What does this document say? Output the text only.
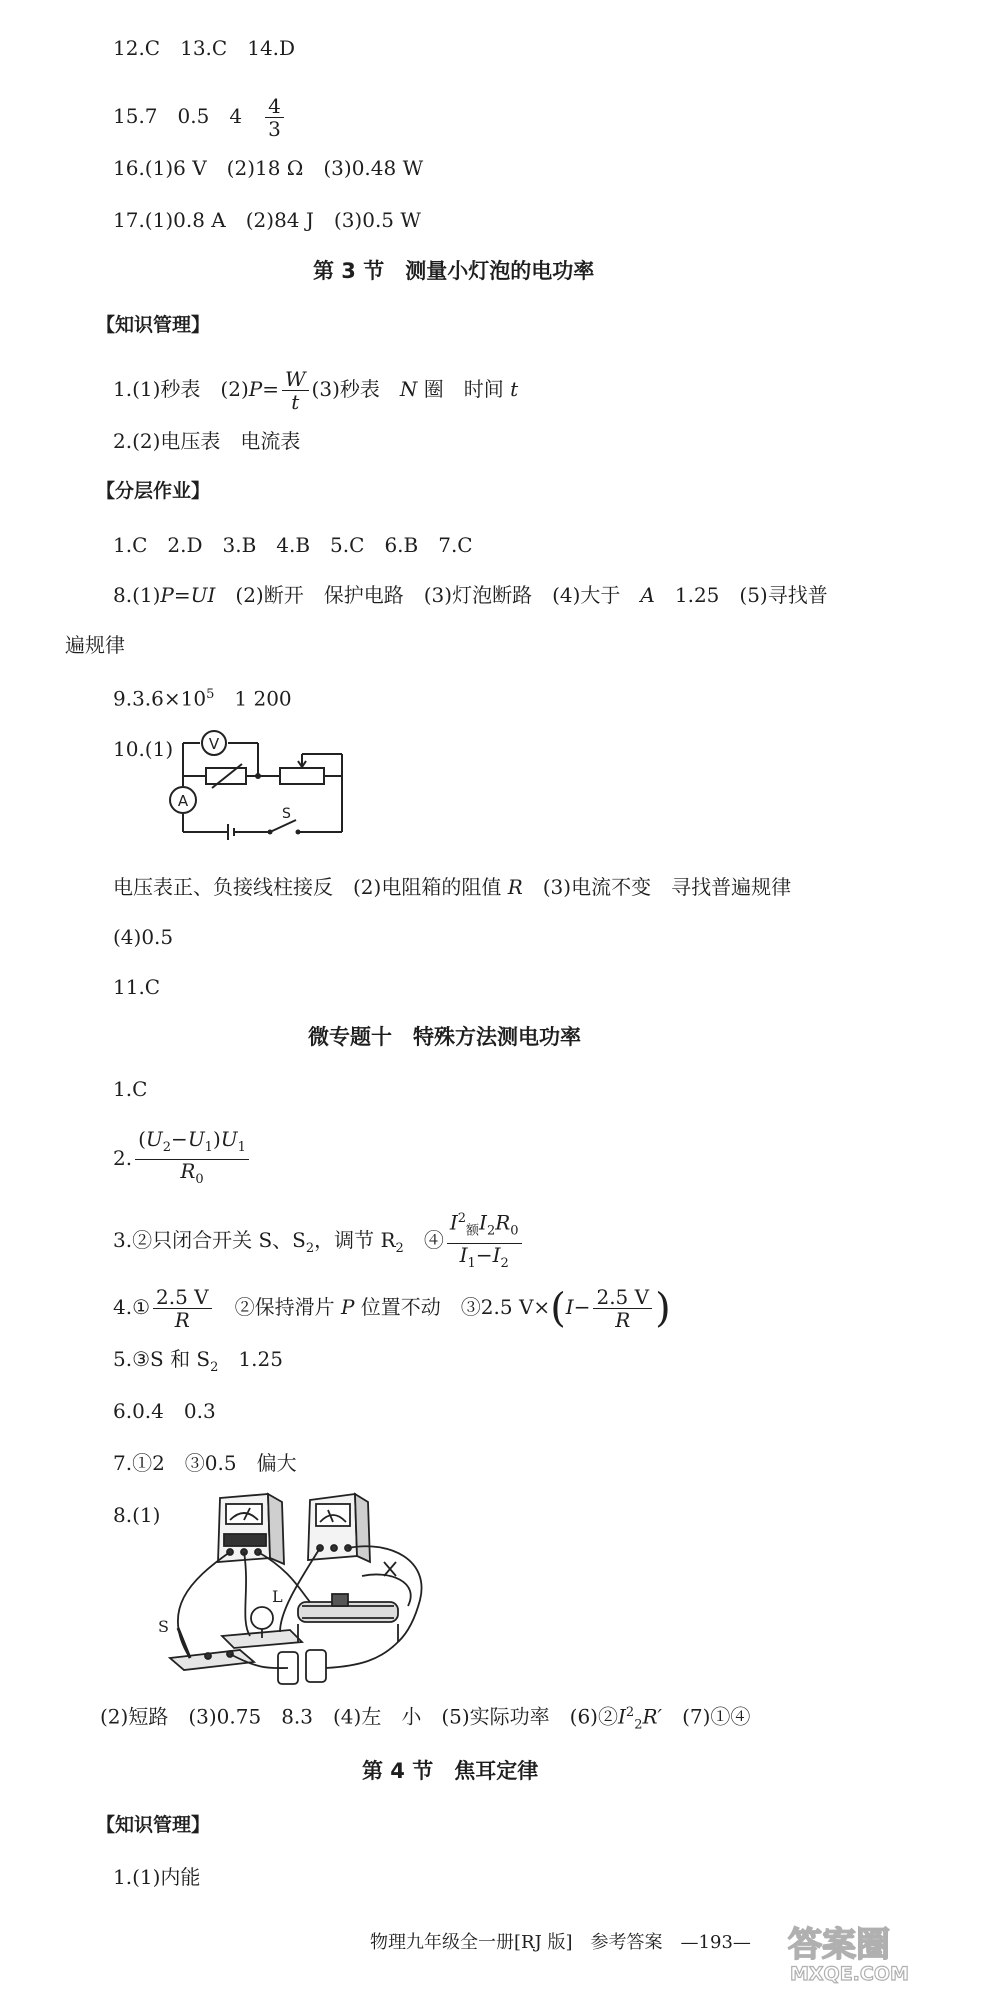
12.C　 13.C　 14.D
15.7　 0.5　 4　 $\frac{4}{3}$
16.(1)6 V　(2)18 Ω　(3)0.48 W
17.(1)0.8 A　(2)84 J　(3)0.5 W
第 3 节　测量小灯泡的电功率
【知识管理】
1.(1)秒表　$(2)P= \frac{W}{t} (3)$秒表　N 圈　时间 t
2.(2)电压表　电流表
【分层作业】
1.C　2.D　3.B　4.B　5.C　6.B　7.C
8.(1)P=UI　(2)断开　保护电路　(3)灯泡断路　(4)大于　A　1.25　(5)寻找普
遍规律
$9.3.6\times 10^5$　1 200
10.(1) V
A
S
电压表正、负接线柱接反　(2)电阻箱的阻值 R　(3)电流不变　寻找普遍规律
(4)0.5
11.C
微专题十　特殊方法测电功率
1.C
2. $\frac{(U_2-U_1)U_1}{R_0}$
3.②只闭合开关 S、$S_2$，调节 $R_2$　④ $\frac{I^2_额I_2R_0}{I_1-I_2}$
4.① $\frac{2.5 V}{R}$ 　②保持滑片 P 位置不动　③2.5 $V\times(I- \frac{2.5 V}{R}$ )
5.③S 和 $S_2$　1.25
6.0.4　0.3
7.①2　③0.5　偏大
8.(1)
L
S
(2)短路　(3)0.75　8.3　(4)左　小　(5)实际功率　$(6)②I^2_2R'$　(7)①④
第 4 节　焦耳定律
【知识管理】
1.(1)内能
物理九年级全一册[RJ 版]　参考答案　—193— 答案圈
MXQE.COM
